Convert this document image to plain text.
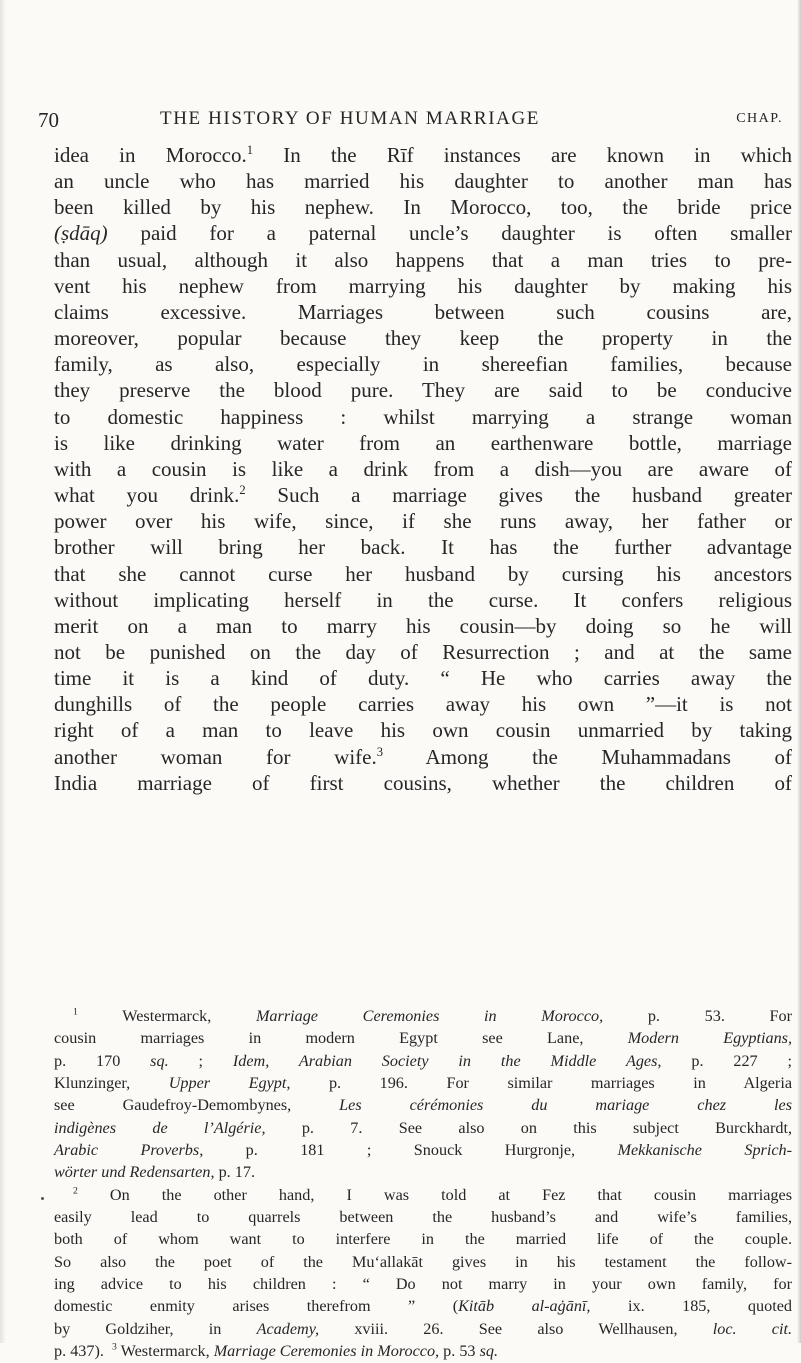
70	THE HISTORY OF HUMAN MARRIAGE	CHAP.
idea in Morocco.$^1$ In the Rīf instances are known in which
an uncle who has married his daughter to another man has
been killed by his nephew. In Morocco, too, the bride price
(ṣdāq) paid for a paternal uncle’s daughter is often smaller
than usual, although it also happens that a man tries to pre-
vent his nephew from marrying his daughter by making his
claims excessive. Marriages between such cousins are,
moreover, popular because they keep the property in the
family, as also, especially in shereefian families, because
they preserve the blood pure. They are said to be conducive
to domestic happiness : whilst marrying a strange woman
is like drinking water from an earthenware bottle, marriage
with a cousin is like a drink from a dish—you are aware of
what you drink.$^2$ Such a marriage gives the husband greater
power over his wife, since, if she runs away, her father or
brother will bring her back. It has the further advantage
that she cannot curse her husband by cursing his ancestors
without implicating herself in the curse. It confers religious
merit on a man to marry his cousin—by doing so he will
not be punished on the day of Resurrection ; and at the same
time it is a kind of duty. “ He who carries away the
dunghills of the people carries away his own ”—it is not
right of a man to leave his own cousin unmarried by taking
another woman for wife.$^3$ Among the Muhammadans of
India marriage of first cousins, whether the children of
$^1$	Westermarck,	Marriage Ceremonies in Morocco,	p. 53. For
cousin marriages in modern Egypt see Lane,	Modern Egyptians,
p. 170 sq. ; Idem, Arabian Society in the Middle Ages, p. 227 ;
Klunzinger, Upper Egypt, p. 196. For similar marriages in Algeria
see Gaudefroy-Demombynes,	Les cérémonies du mariage chez les
indigènes de l’Algérie, p. 7. See also on this subject Burckhardt,
Arabic Proverbs,	p. 181 ; Snouck Hurgronje,	Mekkanische Sprich-
wörter und Redensarten, p. 17.
$^2$ On the other hand, I was told at Fez that cousin marriages
easily lead to quarrels between the husband’s and wife’s families,
both of whom want to interfere in the married life of the couple.
So also the poet of the Mu‘allakāt gives in his testament the follow-
ing advice to his children : “ Do not marry in your own family, for
domestic enmity arises therefrom ” (Kitāb al-aġānī, ix. 185, quoted
by Goldziher, in Academy, xviii. 26. See also Wellhausen, loc. cit.
p. 437). $^3$ Westermarck, Marriage Ceremonies in Morocco, p. 53 sq.
